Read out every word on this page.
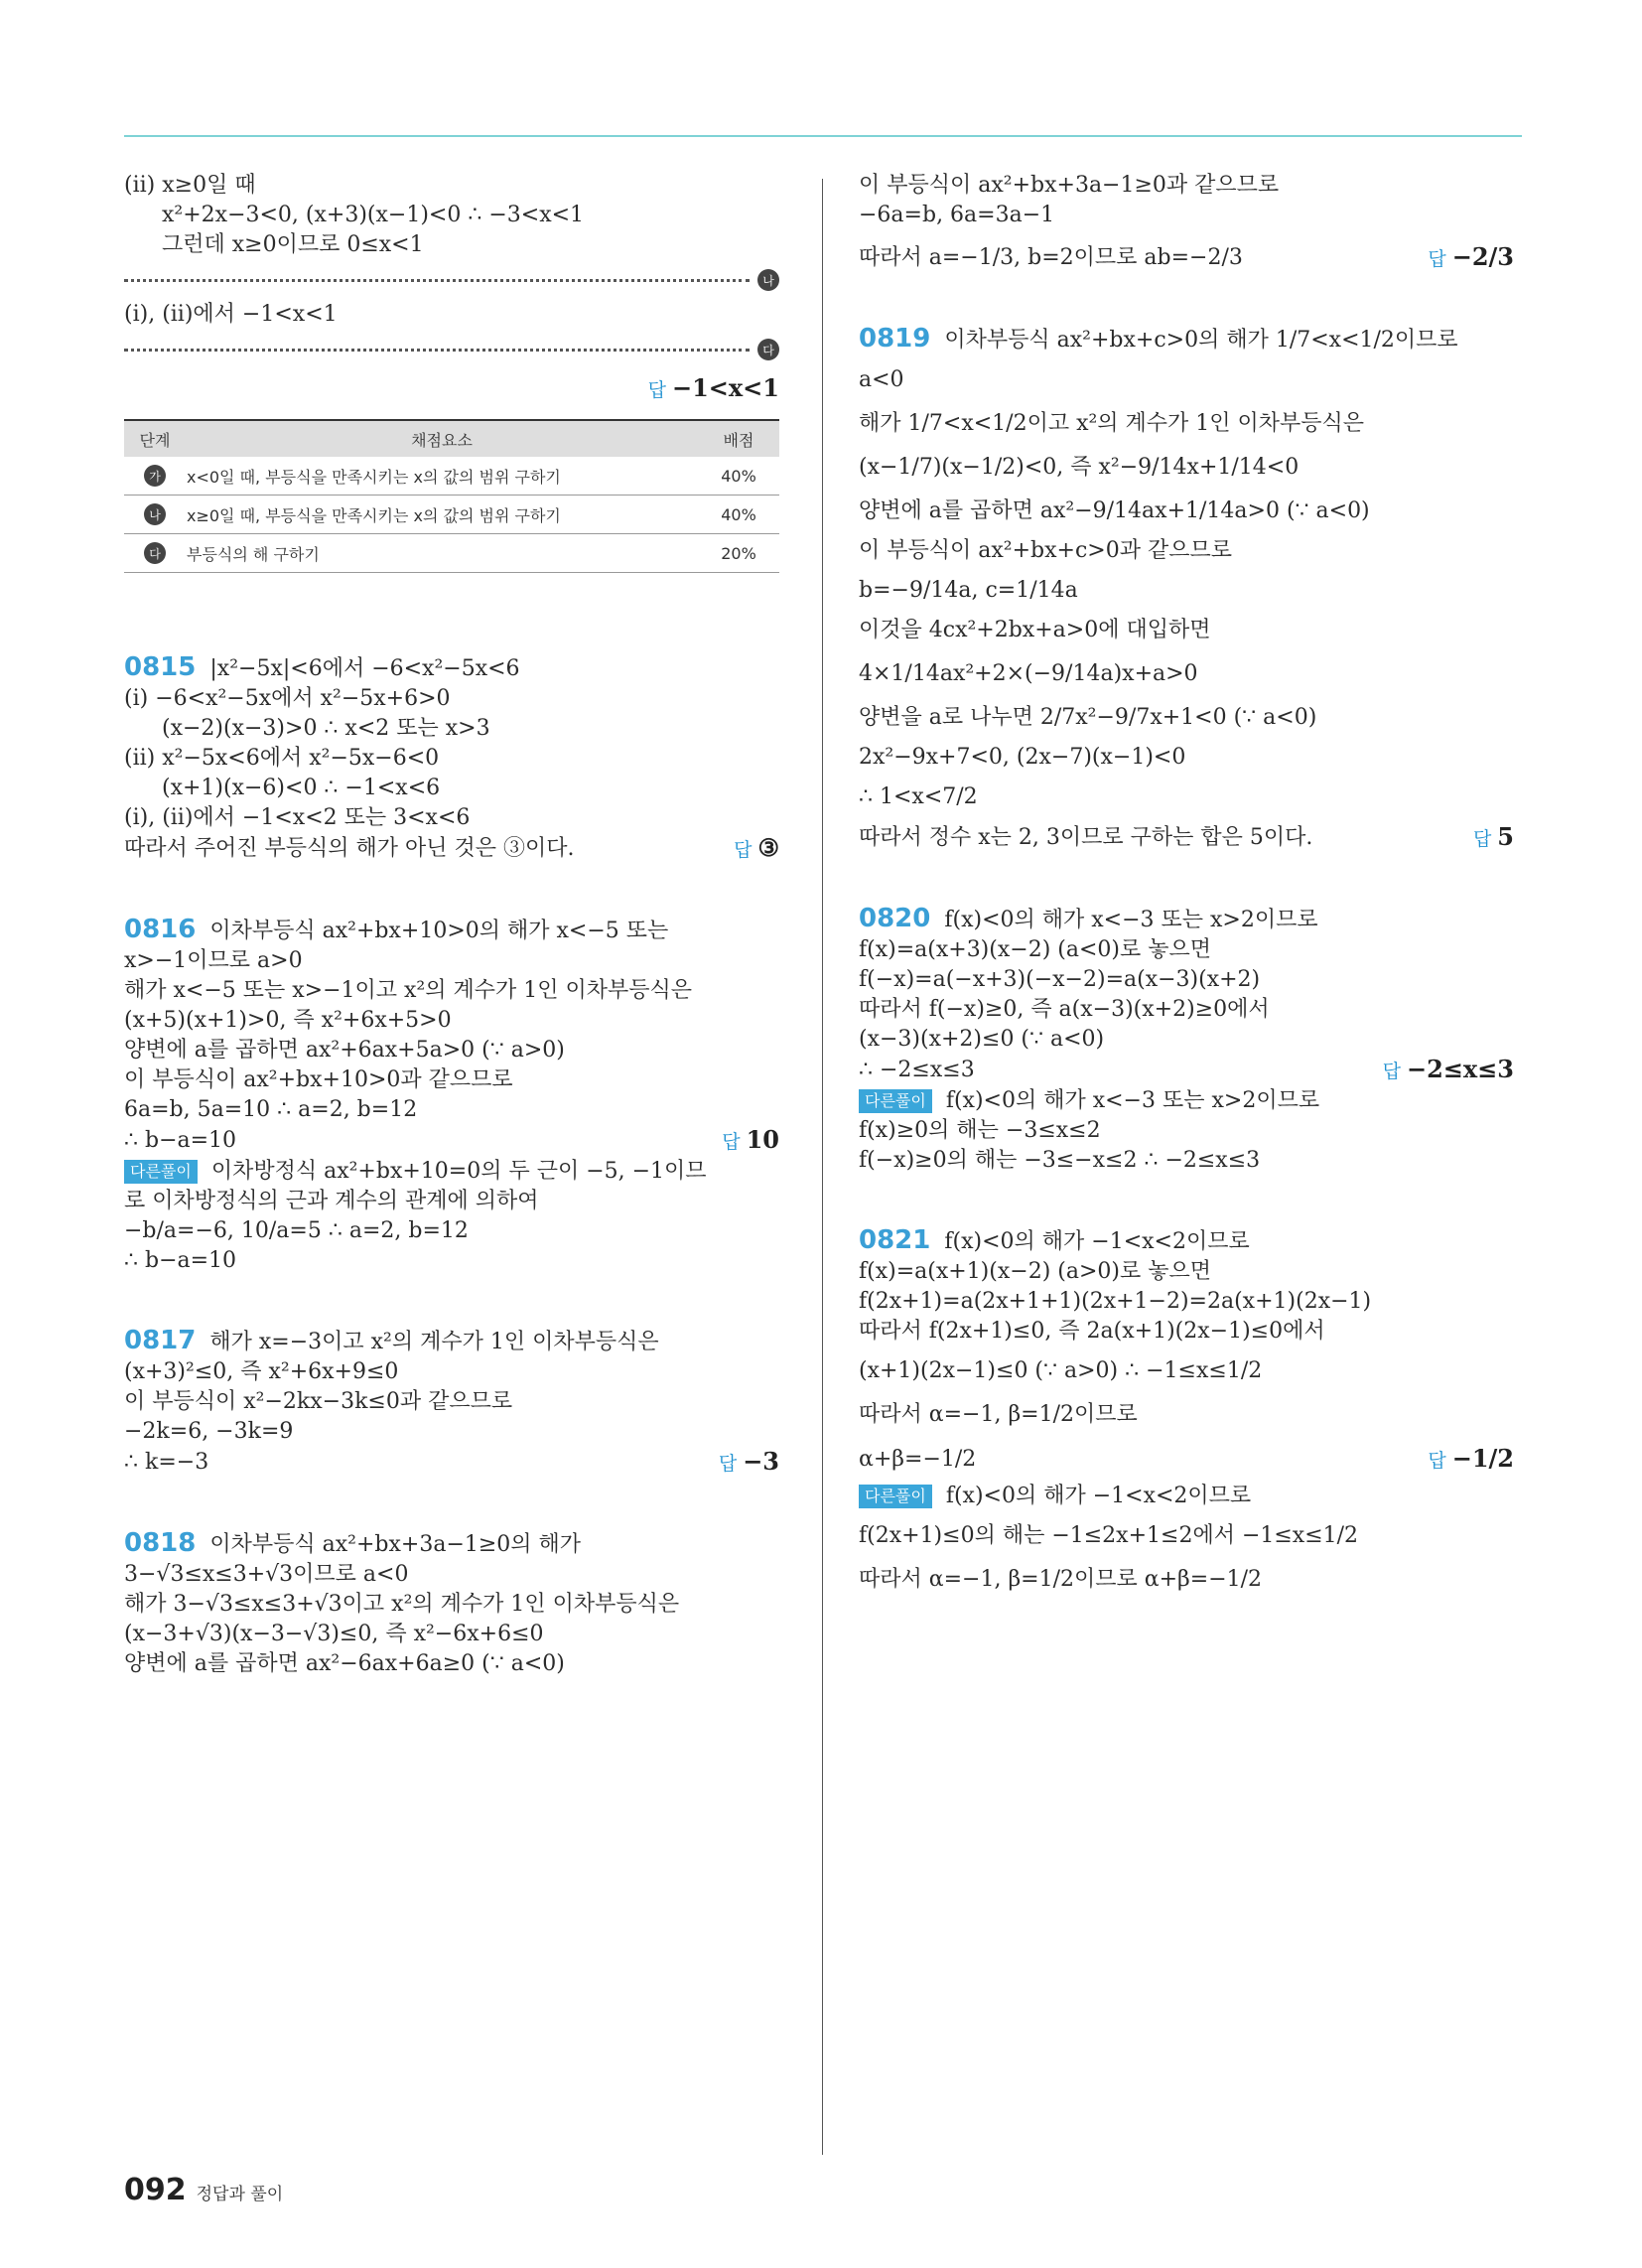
(ⅱ) x≥0일 때
x²+2x−3<0, (x+3)(x−1)<0 ∴ −3<x<1
그런데 x≥0이므로 0≤x<1
나
(ⅰ), (ⅱ)에서 −1<x<1
다
답 −1<x<1
단계	채점요소	배점
가	x<0일 때, 부등식을 만족시키는 x의 값의 범위 구하기	40%
나	x≥0일 때, 부등식을 만족시키는 x의 값의 범위 구하기	40%
다	부등식의 해 구하기	20%
0815 |x²−5x|<6에서 −6<x²−5x<6
(ⅰ) −6<x²−5x에서 x²−5x+6>0
(x−2)(x−3)>0 ∴ x<2 또는 x>3
(ⅱ) x²−5x<6에서 x²−5x−6<0
(x+1)(x−6)<0 ∴ −1<x<6
(ⅰ), (ⅱ)에서 −1<x<2 또는 3<x<6
따라서 주어진 부등식의 해가 아닌 것은 ③이다.	답 ③
0816 이차부등식 ax²+bx+10>0의 해가 x<−5 또는
x>−1이므로 a>0
해가 x<−5 또는 x>−1이고 x²의 계수가 1인 이차부등식은
(x+5)(x+1)>0, 즉 x²+6x+5>0
양변에 a를 곱하면 ax²+6ax+5a>0 (∵ a>0)
이 부등식이 ax²+bx+10>0과 같으므로
6a=b, 5a=10 ∴ a=2, b=12
∴ b−a=10	답 10
다른풀이 이차방정식 ax²+bx+10=0의 두 근이 −5, −1이므
로 이차방정식의 근과 계수의 관계에 의하여
−b/a=−6, 10/a=5 ∴ a=2, b=12
∴ b−a=10
0817 해가 x=−3이고 x²의 계수가 1인 이차부등식은
(x+3)²≤0, 즉 x²+6x+9≤0
이 부등식이 x²−2kx−3k≤0과 같으므로
−2k=6, −3k=9
∴ k=−3	답 −3
0818 이차부등식 ax²+bx+3a−1≥0의 해가
3−√3≤x≤3+√3이므로 a<0
해가 3−√3≤x≤3+√3이고 x²의 계수가 1인 이차부등식은
(x−3+√3)(x−3−√3)≤0, 즉 x²−6x+6≤0
양변에 a를 곱하면 ax²−6ax+6a≥0 (∵ a<0)
이 부등식이 ax²+bx+3a−1≥0과 같으므로
−6a=b, 6a=3a−1
따라서 a=−1/3, b=2이므로 ab=−2/3	답 −2/3
0819 이차부등식 ax²+bx+c>0의 해가 1/7<x<1/2이므로
a<0
해가 1/7<x<1/2이고 x²의 계수가 1인 이차부등식은
(x−1/7)(x−1/2)<0, 즉 x²−9/14x+1/14<0
양변에 a를 곱하면 ax²−9/14ax+1/14a>0 (∵ a<0)
이 부등식이 ax²+bx+c>0과 같으므로
b=−9/14a, c=1/14a
이것을 4cx²+2bx+a>0에 대입하면
4×1/14ax²+2×(−9/14a)x+a>0
양변을 a로 나누면 2/7x²−9/7x+1<0 (∵ a<0)
2x²−9x+7<0, (2x−7)(x−1)<0
∴ 1<x<7/2
따라서 정수 x는 2, 3이므로 구하는 합은 5이다.	답 5
0820 f(x)<0의 해가 x<−3 또는 x>2이므로
f(x)=a(x+3)(x−2) (a<0)로 놓으면
f(−x)=a(−x+3)(−x−2)=a(x−3)(x+2)
따라서 f(−x)≥0, 즉 a(x−3)(x+2)≥0에서
(x−3)(x+2)≤0 (∵ a<0)
∴ −2≤x≤3	답 −2≤x≤3
다른풀이 f(x)<0의 해가 x<−3 또는 x>2이므로
f(x)≥0의 해는 −3≤x≤2
f(−x)≥0의 해는 −3≤−x≤2 ∴ −2≤x≤3
0821 f(x)<0의 해가 −1<x<2이므로
f(x)=a(x+1)(x−2) (a>0)로 놓으면
f(2x+1)=a(2x+1+1)(2x+1−2)=2a(x+1)(2x−1)
따라서 f(2x+1)≤0, 즉 2a(x+1)(2x−1)≤0에서
(x+1)(2x−1)≤0 (∵ a>0) ∴ −1≤x≤1/2
따라서 α=−1, β=1/2이므로
α+β=−1/2	답 −1/2
다른풀이 f(x)<0의 해가 −1<x<2이므로
f(2x+1)≤0의 해는 −1≤2x+1≤2에서 −1≤x≤1/2
따라서 α=−1, β=1/2이므로 α+β=−1/2
092 정답과 풀이
